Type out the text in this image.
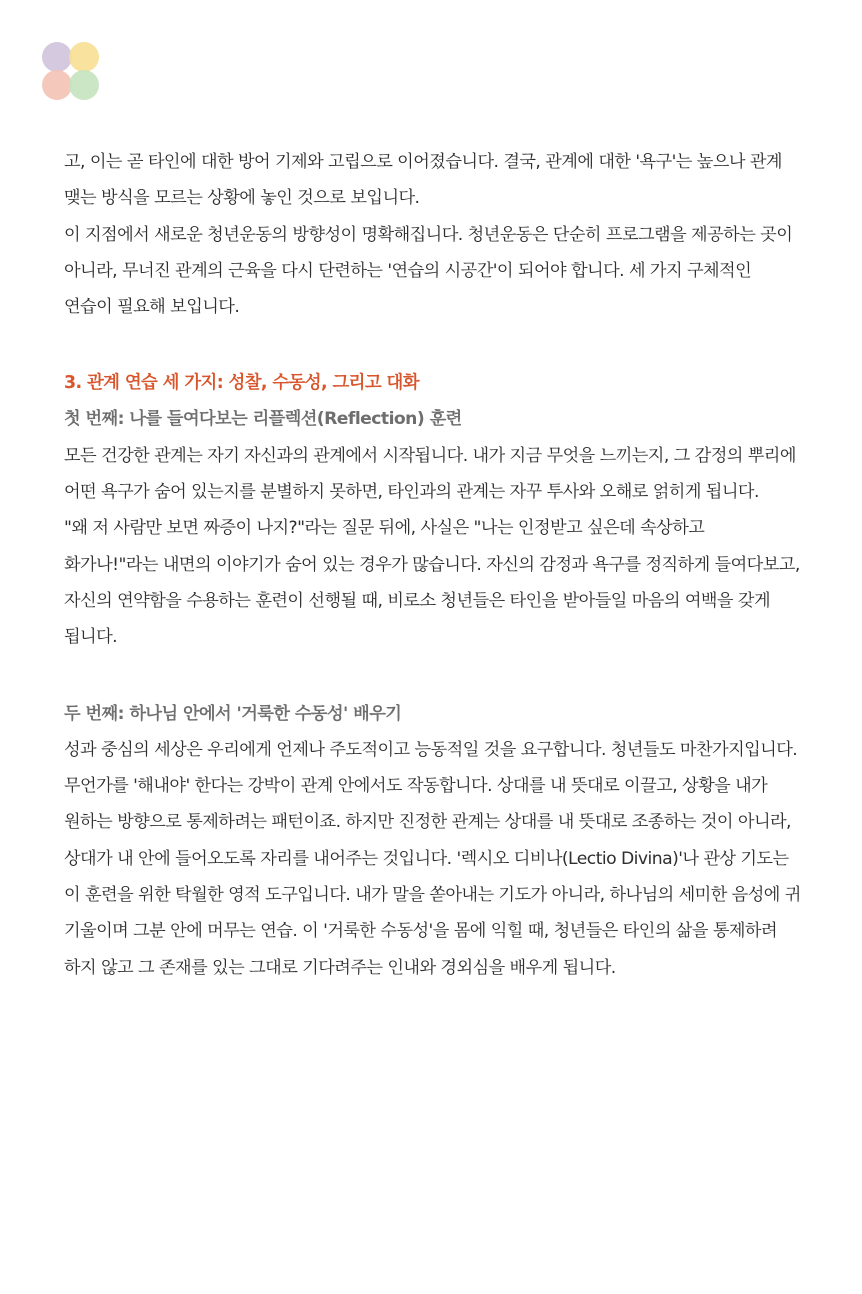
고, 이는 곧 타인에 대한 방어 기제와 고립으로 이어졌습니다. 결국, 관계에 대한 '욕구'는 높으나 관계 맺는 방식을 모르는 상황에 놓인 것으로 보입니다.

이 지점에서 새로운 청년운동의 방향성이 명확해집니다. 청년운동은 단순히 프로그램을 제공하는 곳이 아니라, 무너진 관계의 근육을 다시 단련하는 '연습의 시공간'이 되어야 합니다. 세 가지 구체적인 연습이 필요해 보입니다.

3. 관계 연습 세 가지: 성찰, 수동성, 그리고 대화
첫 번째: 나를 들여다보는 리플렉션(Reflection) 훈련

모든 건강한 관계는 자기 자신과의 관계에서 시작됩니다. 내가 지금 무엇을 느끼는지, 그 감정의 뿌리에 어떤 욕구가 숨어 있는지를 분별하지 못하면, 타인과의 관계는 자꾸 투사와 오해로 얽히게 됩니다.

"왜 저 사람만 보면 짜증이 나지?"라는 질문 뒤에, 사실은 "나는 인정받고 싶은데 속상하고 화가나!"라는 내면의 이야기가 숨어 있는 경우가 많습니다. 자신의 감정과 욕구를 정직하게 들여다보고, 자신의 연약함을 수용하는 훈련이 선행될 때, 비로소 청년들은 타인을 받아들일 마음의 여백을 갖게 됩니다.

두 번째: 하나님 안에서 '거룩한 수동성' 배우기

성과 중심의 세상은 우리에게 언제나 주도적이고 능동적일 것을 요구합니다. 청년들도 마찬가지입니다. 무언가를 '해내야' 한다는 강박이 관계 안에서도 작동합니다. 상대를 내 뜻대로 이끌고, 상황을 내가 원하는 방향으로 통제하려는 패턴이죠. 하지만 진정한 관계는 상대를 내 뜻대로 조종하는 것이 아니라, 상대가 내 안에 들어오도록 자리를 내어주는 것입니다. '렉시오 디비나(Lectio Divina)'나 관상 기도는 이 훈련을 위한 탁월한 영적 도구입니다. 내가 말을 쏟아내는 기도가 아니라, 하나님의 세미한 음성에 귀 기울이며 그분 안에 머무는 연습. 이 '거룩한 수동성'을 몸에 익힐 때, 청년들은 타인의 삶을 통제하려 하지 않고 그 존재를 있는 그대로 기다려주는 인내와 경외심을 배우게 됩니다.
